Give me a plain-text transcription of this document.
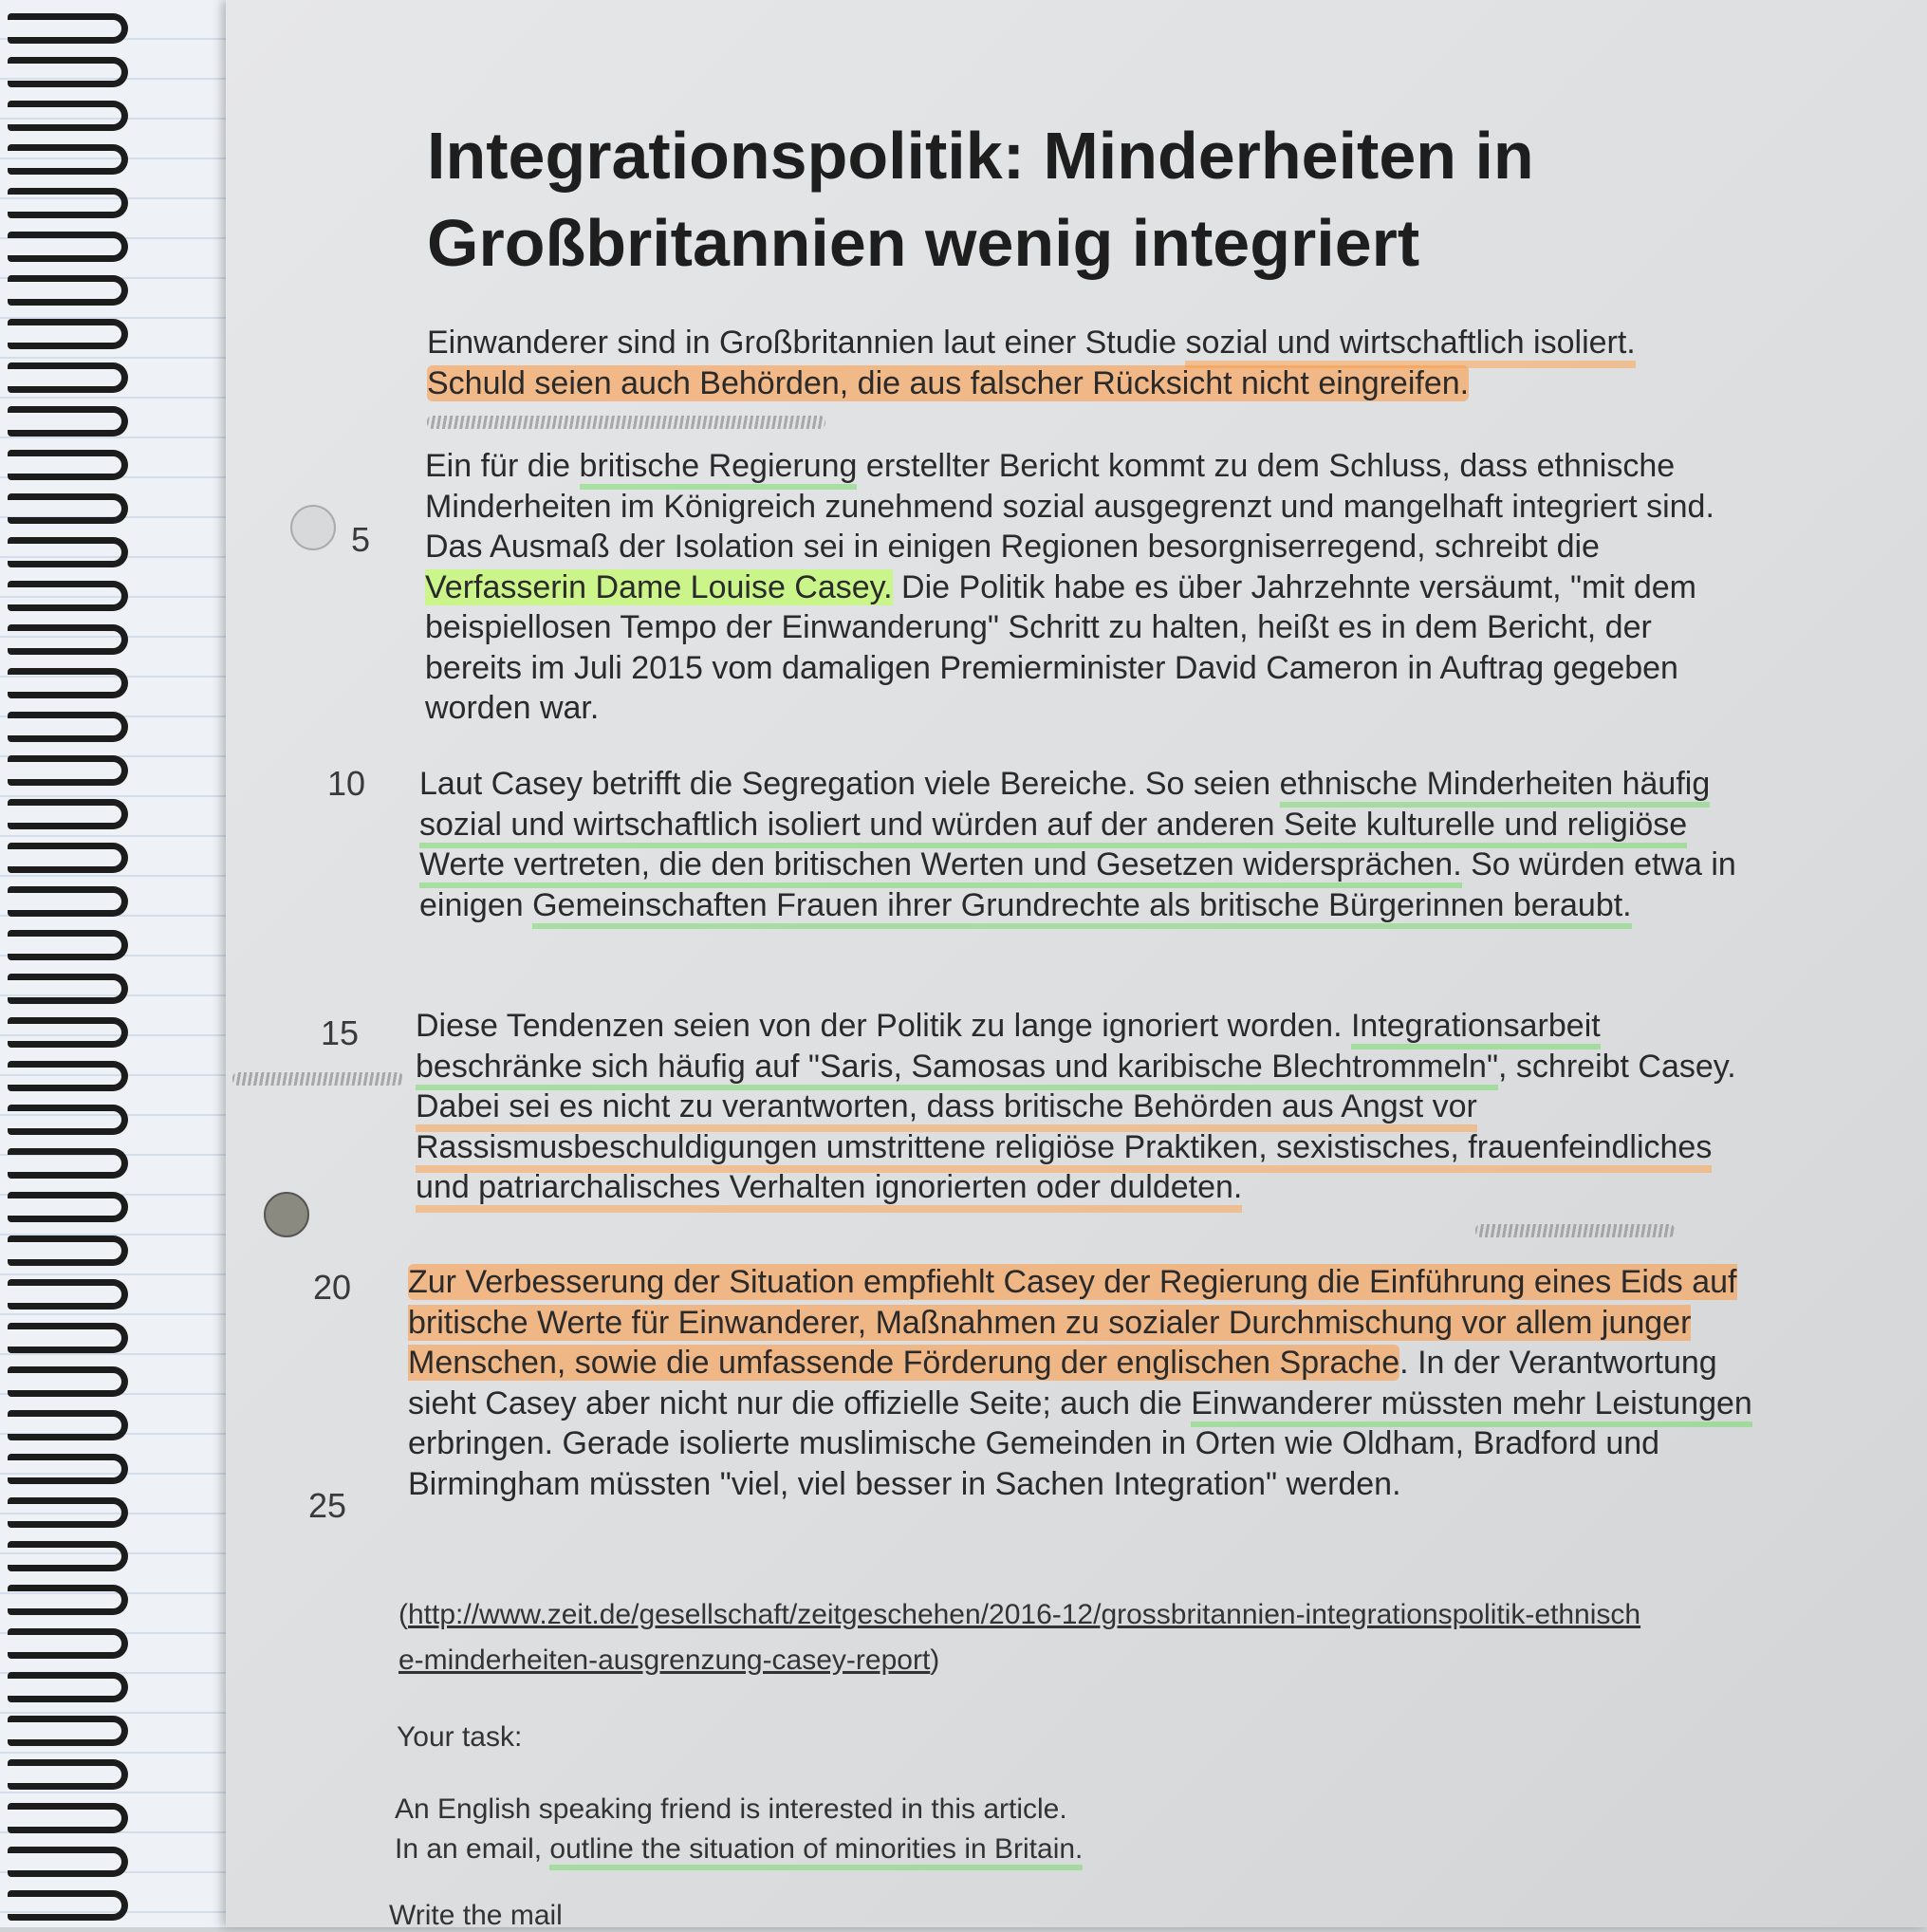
Integrationspolitik: Minderheiten in Großbritannien wenig integriert

Einwanderer sind in Großbritannien laut einer Studie sozial und wirtschaftlich isoliert.
Schuld seien auch Behörden, die aus falscher Rücksicht nicht eingreifen.

5

Ein für die britische Regierung erstellter Bericht kommt zu dem Schluss, dass ethnische Minderheiten im Königreich zunehmend sozial ausgegrenzt und mangelhaft integriert sind. Das Ausmaß der Isolation sei in einigen Regionen besorgniserregend, schreibt die Verfasserin Dame Louise Casey. Die Politik habe es über Jahrzehnte versäumt, "mit dem beispiellosen Tempo der Einwanderung" Schritt zu halten, heißt es in dem Bericht, der bereits im Juli 2015 vom damaligen Premierminister David Cameron in Auftrag gegeben worden war.

10 Laut Casey betrifft die Segregation viele Bereiche. So seien ethnische Minderheiten häufig sozial und wirtschaftlich isoliert und würden auf der anderen Seite kulturelle und religiöse Werte vertreten, die den britischen Werten und Gesetzen widersprächen. So würden etwa in einigen Gemeinschaften Frauen ihrer Grundrechte als britische Bürgerinnen beraubt.

15 Diese Tendenzen seien von der Politik zu lange ignoriert worden. Integrationsarbeit beschränke sich häufig auf "Saris, Samosas und karibische Blechtrommeln", schreibt Casey. Dabei sei es nicht zu verantworten, dass britische Behörden aus Angst vor Rassismusbeschuldigungen umstrittene religiöse Praktiken, sexistisches, frauenfeindliches und patriarchalisches Verhalten ignorierten oder duldeten.

20
25

Zur Verbesserung der Situation empfiehlt Casey der Regierung die Einführung eines Eids auf britische Werte für Einwanderer, Maßnahmen zu sozialer Durchmischung vor allem junger Menschen, sowie die umfassende Förderung der englischen Sprache. In der Verantwortung sieht Casey aber nicht nur die offizielle Seite; auch die Einwanderer müssten mehr Leistungen erbringen. Gerade isolierte muslimische Gemeinden in Orten wie Oldham, Bradford und Birmingham müssten "viel, viel besser in Sachen Integration" werden.

(http://www.zeit.de/gesellschaft/zeitgeschehen/2016-12/grossbritannien-integrationspolitik-ethnische-minderheiten-ausgrenzung-casey-report)

Your task:

An English speaking friend is interested in this article.
In an email, outline the situation of minorities in Britain.

Write the mail
